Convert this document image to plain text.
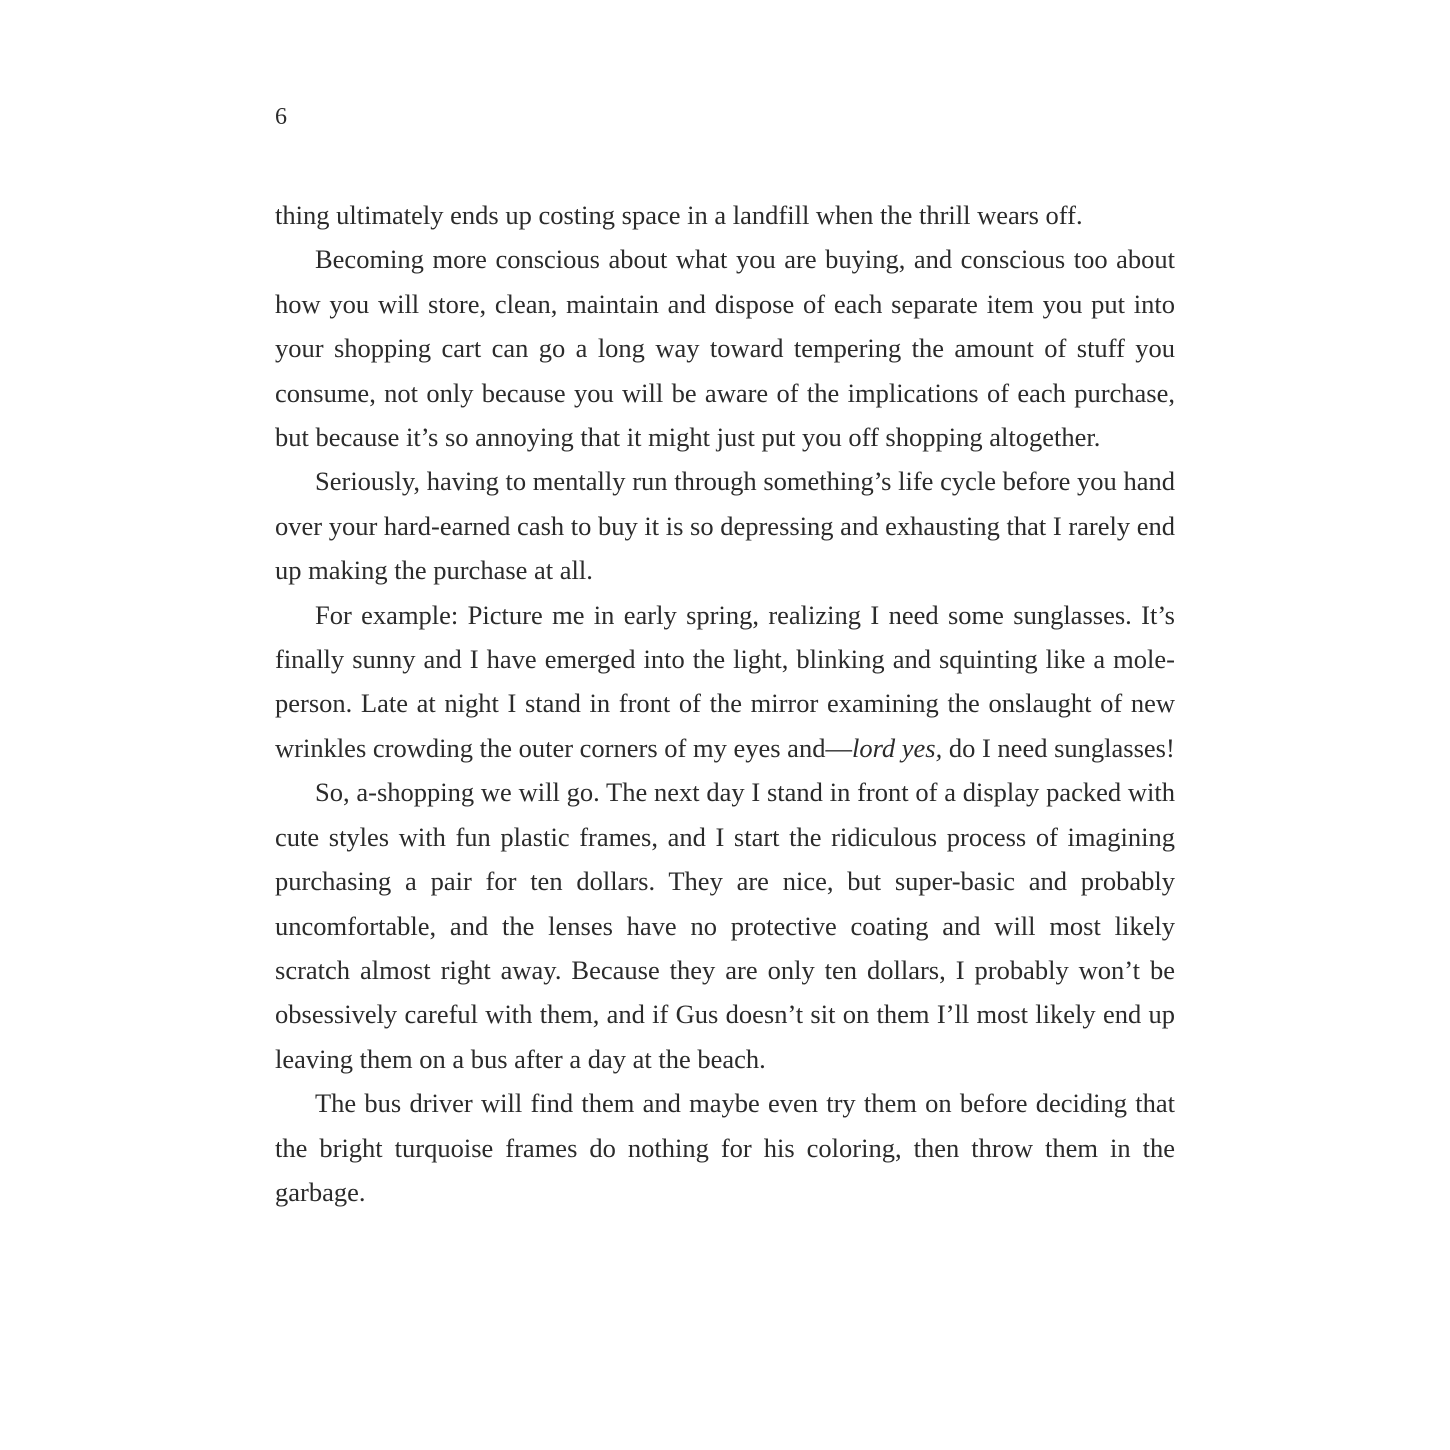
6

thing ultimately ends up costing space in a landfill when the thrill wears off.

Becoming more conscious about what you are buying, and conscious too about how you will store, clean, maintain and dispose of each separate item you put into your shopping cart can go a long way toward tempering the amount of stuff you consume, not only because you will be aware of the implications of each purchase, but because it’s so annoying that it might just put you off shopping altogether.

Seriously, having to mentally run through something’s life cycle before you hand over your hard-earned cash to buy it is so depressing and exhausting that I rarely end up making the purchase at all.

For example: Picture me in early spring, realizing I need some sunglasses. It’s finally sunny and I have emerged into the light, blinking and squinting like a mole-person. Late at night I stand in front of the mirror examining the onslaught of new wrinkles crowding the outer corners of my eyes and—lord yes, do I need sunglasses!

So, a-shopping we will go. The next day I stand in front of a display packed with cute styles with fun plastic frames, and I start the ridiculous process of imagining purchasing a pair for ten dollars. They are nice, but super-basic and probably uncomfortable, and the lenses have no protective coating and will most likely scratch almost right away. Because they are only ten dollars, I probably won’t be obsessively careful with them, and if Gus doesn’t sit on them I’ll most likely end up leaving them on a bus after a day at the beach.

The bus driver will find them and maybe even try them on before deciding that the bright turquoise frames do nothing for his coloring, then throw them in the garbage.
